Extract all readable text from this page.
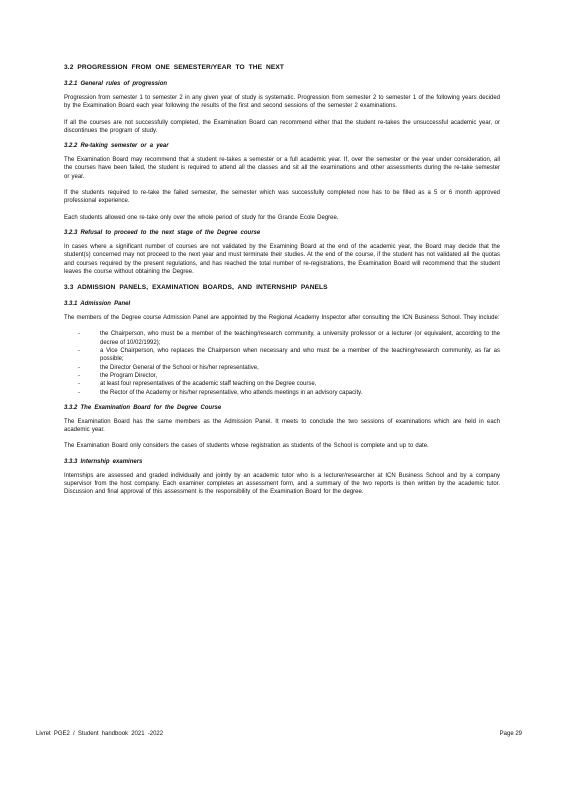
3.2 PROGRESSION FROM ONE SEMESTER/YEAR TO THE NEXT
3.2.1 General rules of progression

Progression from semester 1 to semester 2 in any given year of study is systematic. Progression from semester 2 to semester 1 of the following years decided by the Examination Board each year following the results of the first and second sessions of the semester 2 examinations.

If all the courses are not successfully completed, the Examination Board can recommend either that the student re-takes the unsuccessful academic year, or discontinues the program of study.

3.2.2 Re-taking semester or a year

The Examination Board may recommend that a student re-takes a semester or a full academic year. If, over the semester or the year under consideration, all the courses have been failed, the student is required to attend all the classes and sit all the examinations and other assessments during the re-take semester or year.

If the students required to re-take the failed semester, the semester which was successfully completed now has to be filled as a 5 or 6 month approved professional experience.

Each students allowed one re-take only over the whole period of study for the Grande Ecole Degree.

3.2.3 Refusal to proceed to the next stage of the Degree course

In cases where a significant number of courses are not validated by the Examining Board at the end of the academic year, the Board may decide that the student(s) concerned may not proceed to the next year and must terminate their studies. At the end of the course, if the student has not validated all the quotas and courses required by the present regulations, and has reached the total number of re-registrations, the Examination Board will recommend that the student leaves the course without obtaining the Degree.

3.3 ADMISSION PANELS, EXAMINATION BOARDS, AND INTERNSHIP PANELS
3.3.1 Admission Panel

The members of the Degree course Admission Panel are appointed by the Regional Academy Inspector after consulting the ICN Business School. They include:

- the Chairperson, who must be a member of the teaching/research community, a university professor or a lecturer (or equivalent, according to the decree of 10/02/1992);
- a Vice Chairperson, who replaces the Chairperson when necessary and who must be a member of the teaching/research community, as far as possible;
- the Director General of the School or his/her representative,
- the Program Director,
- at least four representatives of the academic staff teaching on the Degree course,
- the Rector of the Academy or his/her representative, who attends meetings in an advisory capacity.
3.3.2 The Examination Board for the Degree Course

The Examination Board has the same members as the Admission Panel. It meets to conclude the two sessions of examinations which are held in each academic year.

The Examination Board only considers the cases of students whose registration as students of the School is complete and up to date.

3.3.3 Internship examiners

Internships are assessed and graded individually and jointly by an academic tutor who is a lecturer/researcher at ICN Business School and by a company supervisor from the host company. Each examiner completes an assessment form, and a summary of the two reports is then written by the academic tutor. Discussion and final approval of this assessment is the responsibility of the Examination Board for the degree.

Livret PGE2 / Student handbook 2021 -2022	Page 29
